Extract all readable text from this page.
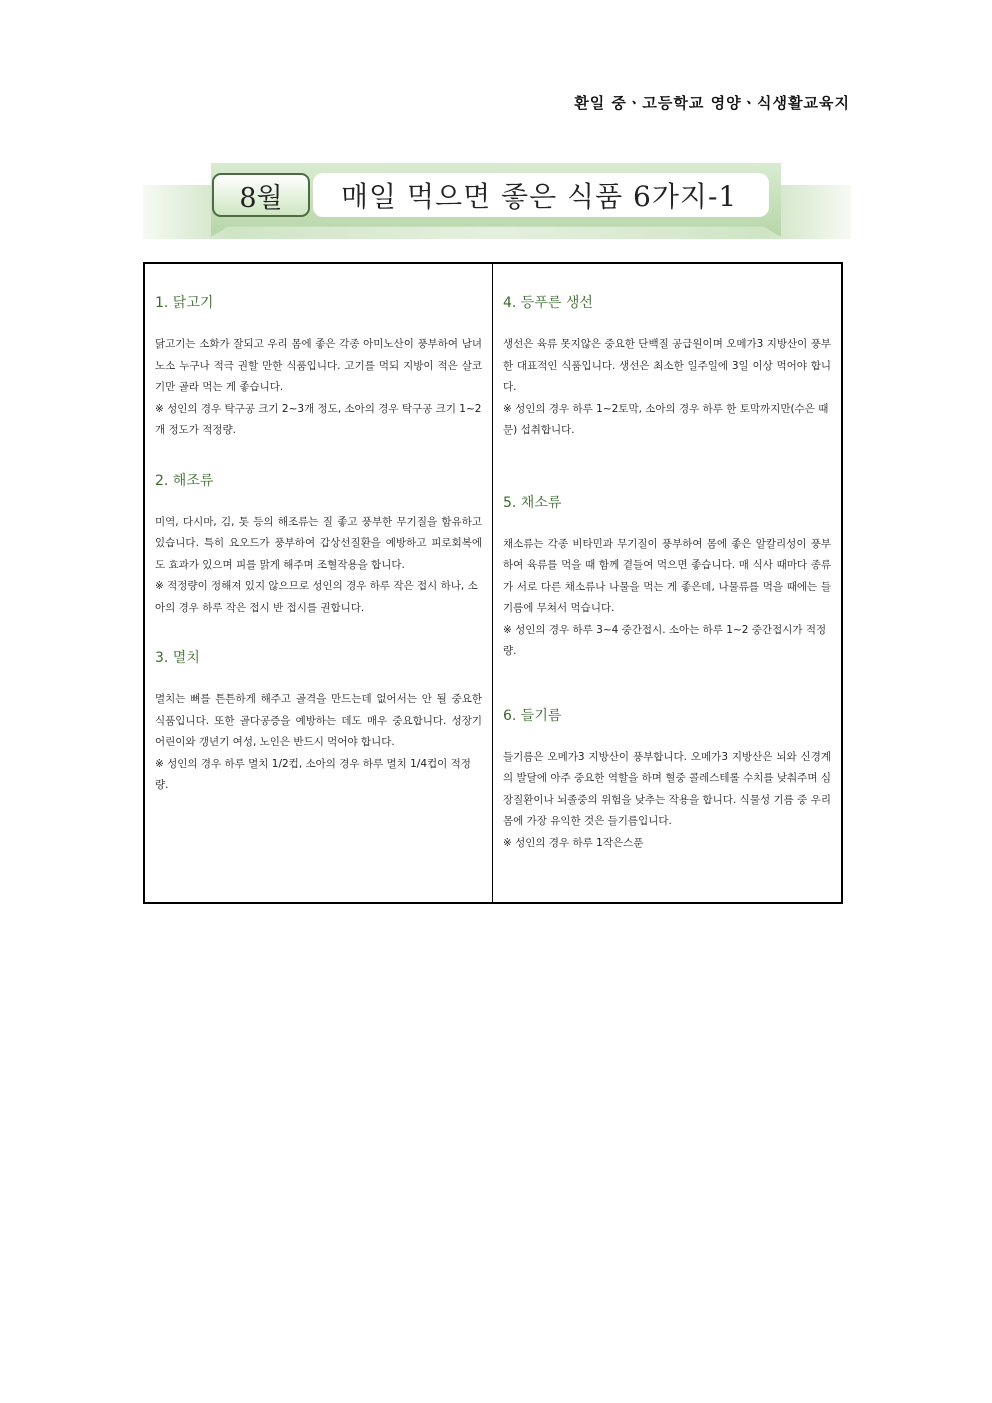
환일 중ㆍ고등학교 영양ㆍ식생활교육지
8월	매일 먹으면 좋은 식품 6가지-1

1. 닭고기

닭고기는 소화가 잘되고 우리 몸에 좋은 각종 아미노산이 풍부하여 남녀노소 누구나 적극 권할 만한 식품입니다. 고기를 먹되 지방이 적은 살코기만 골라 먹는 게 좋습니다.

※ 성인의 경우 탁구공 크기 2~3개 정도, 소아의 경우 탁구공 크기 1~2개 정도가 적정량.

2. 해조류

미역, 다시마, 김, 톳 등의 해조류는 질 좋고 풍부한 무기질을 함유하고 있습니다. 특히 요오드가 풍부하여 갑상선질환을 예방하고 피로회복에도 효과가 있으며 피를 맑게 해주며 조혈작용을 합니다.

※ 적정량이 정해져 있지 않으므로 성인의 경우 하루 작은 접시 하나, 소아의 경우 하루 작은 접시 반 접시를 권합니다.

3. 멸치

멸치는 뼈를 튼튼하게 해주고 골격을 만드는데 없어서는 안 될 중요한 식품입니다. 또한 골다공증을 예방하는 데도 매우 중요합니다. 성장기 어린이와 갱년기 여성, 노인은 반드시 먹어야 합니다.

※ 성인의 경우 하루 멸치 1/2컵, 소아의 경우 하루 멸치 1/4컵이 적정량.

4. 등푸른 생선

생선은 육류 못지않은 중요한 단백질 공급원이며 오메가3 지방산이 풍부한 대표적인 식품입니다. 생선은 최소한 일주일에 3일 이상 먹어야 합니다.

※ 성인의 경우 하루 1~2토막, 소아의 경우 하루 한 토막까지만(수은 때문) 섭취합니다.

5. 채소류

채소류는 각종 비타민과 무기질이 풍부하여 몸에 좋은 알칼리성이 풍부하여 육류를 먹을 때 함께 곁들여 먹으면 좋습니다. 매 식사 때마다 종류가 서로 다른 채소류나 나물을 먹는 게 좋은데, 나물류를 먹을 때에는 들기름에 무쳐서 먹습니다.

※ 성인의 경우 하루 3~4 중간접시. 소아는 하루 1~2 중간접시가 적정량.

6. 들기름

들기름은 오메가3 지방산이 풍부합니다. 오메가3 지방산은 뇌와 신경계의 발달에 아주 중요한 역할을 하며 혈중 콜레스테롤 수치를 낮춰주며 심장질환이나 뇌졸중의 위험을 낮추는 작용을 합니다. 식물성 기름 중 우리 몸에 가장 유익한 것은 들기름입니다.

※ 성인의 경우 하루 1작은스푼
